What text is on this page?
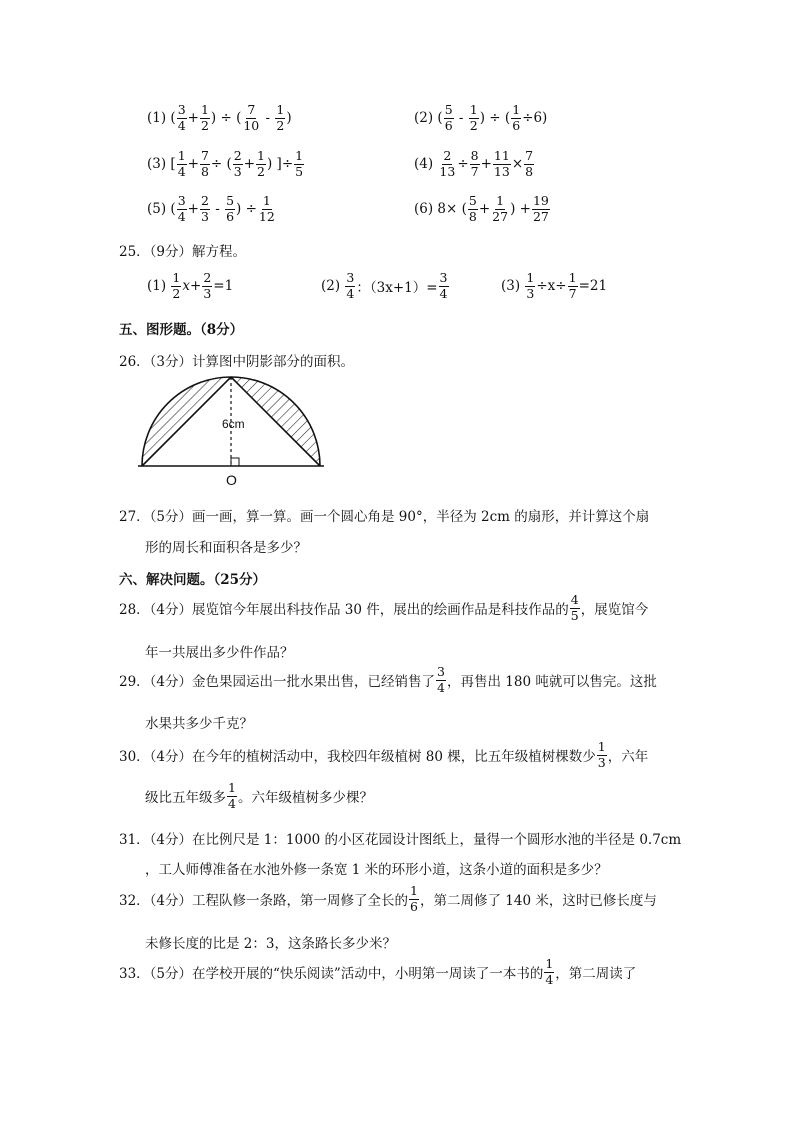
(1) ( $\frac{3}{4} + \frac{1}{2}$ ) ÷ ( $\frac{7}{10} - \frac{1}{2}$ )	(2) ( $\frac{5}{6} - \frac{1}{2}$ ) ÷ ( $\frac{1}{6} \div 6$)
(3) [ $\frac{1}{4} + \frac{7}{8}$ ÷ ( $\frac{2}{3} + \frac{1}{2}$ ) ]÷ $\frac{1}{5}$	(4)
$\frac{2}{13} \div \frac{8}{7} + \frac{11}{13} \times \frac{7}{8}$
(5) ( $\frac{3}{4} + \frac{2}{3} - \frac{5}{6}$ ) ÷ $\frac{1}{12}$	(6)
8× ( $\frac{5}{8} + \frac{1}{27}$ ) + $\frac{19}{27}$
25．（9分）解方程。
(1)
$\frac{1}{2}$ $x + \frac{2}{3} =1$	(2)
$\frac{3}{4}$ ：$(3x+1)= \frac{3}{4}$	(3)
$\frac{1}{3} \div x\div \frac{1}{7} =21$
五、图形题。（8分）
26．（3分）计算图中阴影部分的面积。
6cm
O
27．（5分）画一画，算一算。画一个圆心角是 90°，半径为 2cm 的扇形，并计算这个扇
形的周长和面积各是多少？
六、解决问题。（25分）
28．（4分）展览馆今年展出科技作品 30 件，展出的绘画作品是科技作品的 $\frac{4}{5}$ ，展览馆今
年一共展出多少件作品？
29．（4分）金色果园运出一批水果出售，已经销售了 $\frac{3}{4}$ ，再售出 180 吨就可以售完。这批
水果共多少千克？
30．（4分）在今年的植树活动中，我校四年级植树 80 棵，比五年级植树棵数少 $\frac{1}{3}$ ，六年
级比五年级多 $\frac{1}{4}$ 。六年级植树多少棵？
31．（4分）在比例尺是 1：1000 的小区花园设计图纸上，量得一个圆形水池的半径是 0.7cm
，工人师傅准备在水池外修一条宽 1 米的环形小道，这条小道的面积是多少？
32．（4分）工程队修一条路，第一周修了全长的 $\frac{1}{6}$ ，第二周修了 140 米，这时已修长度与
未修长度的比是 2：3，这条路长多少米？
33．（5分）在学校开展的“快乐阅读”活动中，小明第一周读了一本书的 $\frac{1}{4}$ ，第二周读了
